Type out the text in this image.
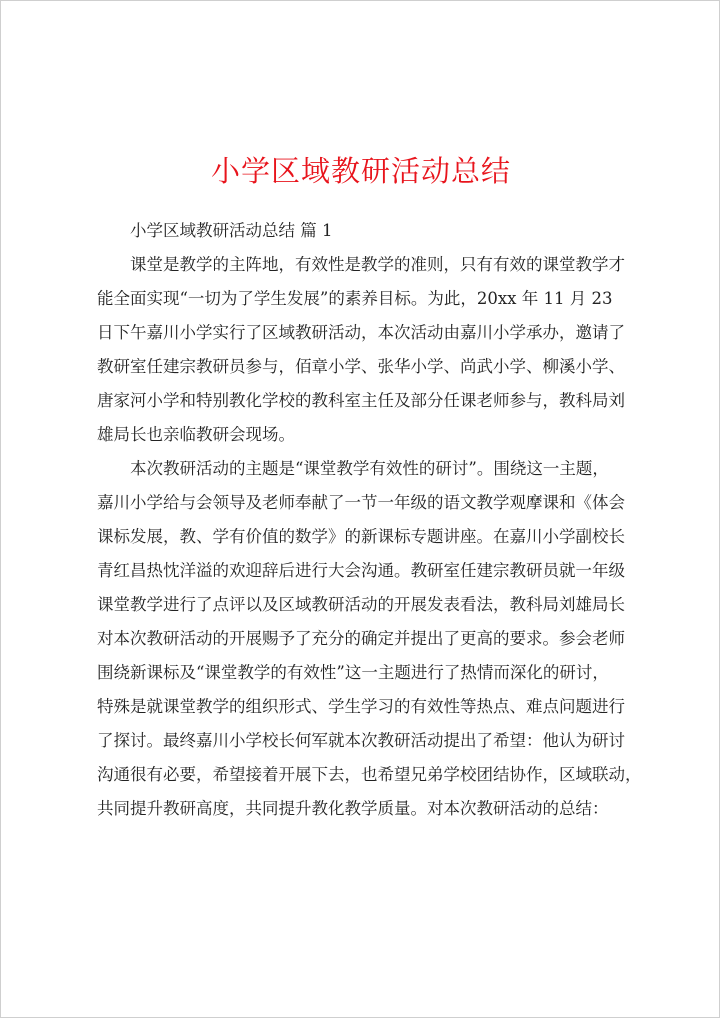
小学区域教研活动总结

小学区域教研活动总结 篇 1

课堂是教学的主阵地，有效性是教学的准则，只有有效的课堂教学才
能全面实现“一切为了学生发展”的素养目标。为此，20xx 年 11 月 23
日下午嘉川小学实行了区域教研活动，本次活动由嘉川小学承办，邀请了
教研室任建宗教研员参与，佰章小学、张华小学、尚武小学、柳溪小学、
唐家河小学和特别教化学校的教科室主任及部分任课老师参与，教科局刘
雄局长也亲临教研会现场。

本次教研活动的主题是“课堂教学有效性的研讨”。围绕这一主题，
嘉川小学给与会领导及老师奉献了一节一年级的语文教学观摩课和《体会
课标发展，教、学有价值的数学》的新课标专题讲座。在嘉川小学副校长
青红昌热忱洋溢的欢迎辞后进行大会沟通。教研室任建宗教研员就一年级
课堂教学进行了点评以及区域教研活动的开展发表看法，教科局刘雄局长
对本次教研活动的开展赐予了充分的确定并提出了更高的要求。参会老师
围绕新课标及“课堂教学的有效性”这一主题进行了热情而深化的研讨，
特殊是就课堂教学的组织形式、学生学习的有效性等热点、难点问题进行
了探讨。最终嘉川小学校长何军就本次教研活动提出了希望：他认为研讨
沟通很有必要，希望接着开展下去，也希望兄弟学校团结协作，区域联动，
共同提升教研高度，共同提升教化教学质量。对本次教研活动的总结：
